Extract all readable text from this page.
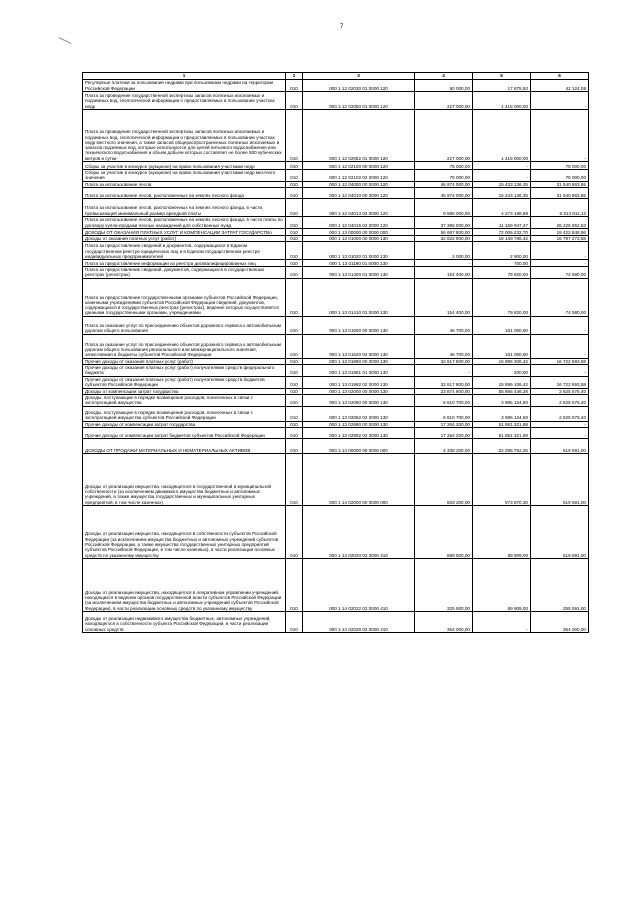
7
1	2	3	4	5	6
Регулярные платежи за пользование недрами при пользовании недрами на территории Российской Федерации	010	000 1 12 02030 01 0000 120	60 000,00	17 875,92	42 124,08
Плата за проведение государственной экспертизы запасов полезных ископаемых и подземных вод, геологической информации о предоставляемых в пользование участках недр	010	000 1 12 02050 01 0000 120	227 000,00	1 415 000,00	-
Плата за проведение государственной экспертизы запасов полезных ископаемых и подземных вод, геологической информации о предоставляемых в пользование участках недр местного значения, а также запасов общераспространенных полезных ископаемых и запасов подземных вод, которые используются для целей питьевого водоснабжения или технического водоснабжения и объем добычи которых составляет не более 500 кубических метров в сутки	010	000 1 12 02052 01 0000 120	227 000,00	1 415 000,00	-
Сборы за участие в конкурсе (аукционе) на право пользования участками недр	010	000 1 12 02100 00 0000 120	75 000,00	-	75 000,00
Сборы за участие в конкурсе (аукционе) на право пользования участками недр местного значения	010	000 1 12 02102 02 0000 120	75 000,00	-	75 000,00
Плата за использование лесов	010	000 1 12 04000 00 0000 120	46 974 000,00	15 433 136,35	31 540 863,65
Плата за использование лесов, расположенных на землях лесного фонда	010	000 1 12 04010 00 0000 120	46 974 000,00	15 433 136,35	31 540 863,65
Плата за использование лесов, расположенных на землях лесного фонда, в части, превышающей минимальный размер арендной платы	010	000 1 12 04014 02 0000 120	9 588 000,00	4 273 188,88	5 314 811,12
Плата за использование лесов, расположенных на землях лесного фонда, в части платы по договору купли-продажи лесных насаждений для собственных нужд	010	000 1 12 04015 02 0000 120	37 386 000,00	11 159 947,47	26 226 052,53
ДОХОДЫ ОТ ОКАЗАНИЯ ПЛАТНЫХ УСЛУГ И КОМПЕНСАЦИИ ЗАТРАТ ГОСУДАРСТВА	010	000 1 13 00000 00 0000 000	56 697 800,00	72 006 232,70	19 422 848,96
Доходы от оказания платных услуг (работ)	010	000 1 13 01000 00 0000 130	32 822 900,00	16 139 786,42	16 797 273,58
Плата за предоставление сведений и документов, содержащихся в Едином государственном реестре юридических лиц и в Едином государственном реестре индивидуальных предпринимателей	010	000 1 13 01020 01 0000 130	2 000,00	2 900,00	-
Плата за предоставление информации из реестра дисквалифицированных лиц	010	000 1 13 01190 01 0000 130	-	700,00	-
Плата за предоставление сведений, документов, содержащихся в государственных реестрах (регистрах)	010	000 1 13 01400 01 0000 130	154 400,00	79 820,00	74 580,00
Плата за предоставление государственными органами субъектов Российской Федерации, казенными учреждениями субъектов Российской Федерации сведений, документов, содержащихся в государственных реестрах (регистрах), ведение которых осуществляется данными государственными органами, учреждениями	010	000 1 13 01410 01 0000 130	154 400,00	79 820,00	74 580,00
Плата за оказание услуг по присоединению объектов дорожного сервиса к автомобильным дорогам общего пользования	010	000 1 13 01500 00 0000 130	48 700,00	161 060,00	-
Плата за оказание услуг по присоединению объектов дорожного сервиса к автомобильным дорогам общего пользования регионального или межмуниципального значения, зачисляемая в бюджеты субъектов Российской Федерации	010	000 1 13 01520 02 0000 130	48 700,00	161 060,00	-
Прочие доходы от оказания платных услуг (работ)	010	000 1 13 01990 00 0000 130	32 617 800,00	15 896 306,42	16 722 693,58
Прочие доходы от оказания платных услуг (работ) получателями средств федерального бюджета	010	000 1 13 01991 01 0000 130	-	200,00	-
Прочие доходы от оказания платных услуг (работ) получателями средств бюджетов субъектов Российской Федерации	010	000 1 13 01992 02 0000 130	32 617 800,00	15 895 106,42	16 722 693,58
Доходы от компенсации затрат государства	010	000 1 13 02000 00 0000 130	23 874 900,00	55 866 446,28	2 625 575,40
Доходы, поступающие в порядке возмещения расходов, понесенных в связи с эксплуатацией имущества	010	000 1 13 02060 00 0000 130	6 610 700,00	3 985 124,60	2 625 575,40
Доходы, поступающие в порядке возмещения расходов, понесенных в связи с эксплуатацией имущества субъектов Российской Федерации	010	000 1 13 02062 02 0000 130	6 610 700,00	3 985 124,60	2 625 575,40
Прочие доходы от компенсации затрат государства	010	000 1 13 02990 00 0000 130	17 264 200,00	51 881 321,68	-
Прочие доходы от компенсации затрат бюджетов субъектов Российской Федерации	010	000 1 13 02992 02 0000 130	17 264 200,00	51 881 321,68	-
ДОХОДЫ ОТ ПРОДАЖИ МАТЕРИАЛЬНЫХ И НЕМАТЕРИАЛЬНЫХ АКТИВОВ	010	000 1 14 00000 00 0000 000	4 338 200,00	22 295 752,25	619 591,00
Доходы от реализации имущества, находящегося в государственной и муниципальной собственности (за исключением движимого имущества бюджетных и автономных учреждений, а также имущества государственных и муниципальных унитарных предприятий, в том числе казенных)	010	000 1 14 02000 00 0000 000	828 200,00	973 870,30	619 591,00
Доходы от реализации имущества, находящегося в собственности субъектов Российской Федерации (за исключением имущества бюджетных и автономных учреждений субъектов Российской Федерации, а также имущества государственных унитарных предприятий субъектов Российской Федерации, в том числе казенных), в части реализации основных средств по указанному имуществу	010	000 1 14 02020 02 0000 410	689 500,00	69 909,00	619 591,00
Доходы от реализации имущества, находящегося в оперативном управлении учреждений, находящихся в ведении органов государственной власти субъектов Российской Федерации (за исключением имущества бюджетных и автономных учреждений субъектов Российской Федерации), в части реализации основных средств по указанному имуществу	010	000 1 14 02022 02 0000 410	325 500,00	69 909,00	255 591,00
Доходы от реализации недвижимого имущества бюджетных, автономных учреждений, находящегося в собственности субъекта Российской Федерации, в части реализации основных средств	010	000 1 14 02026 02 0000 410	364 000,00	-	364 000,00
